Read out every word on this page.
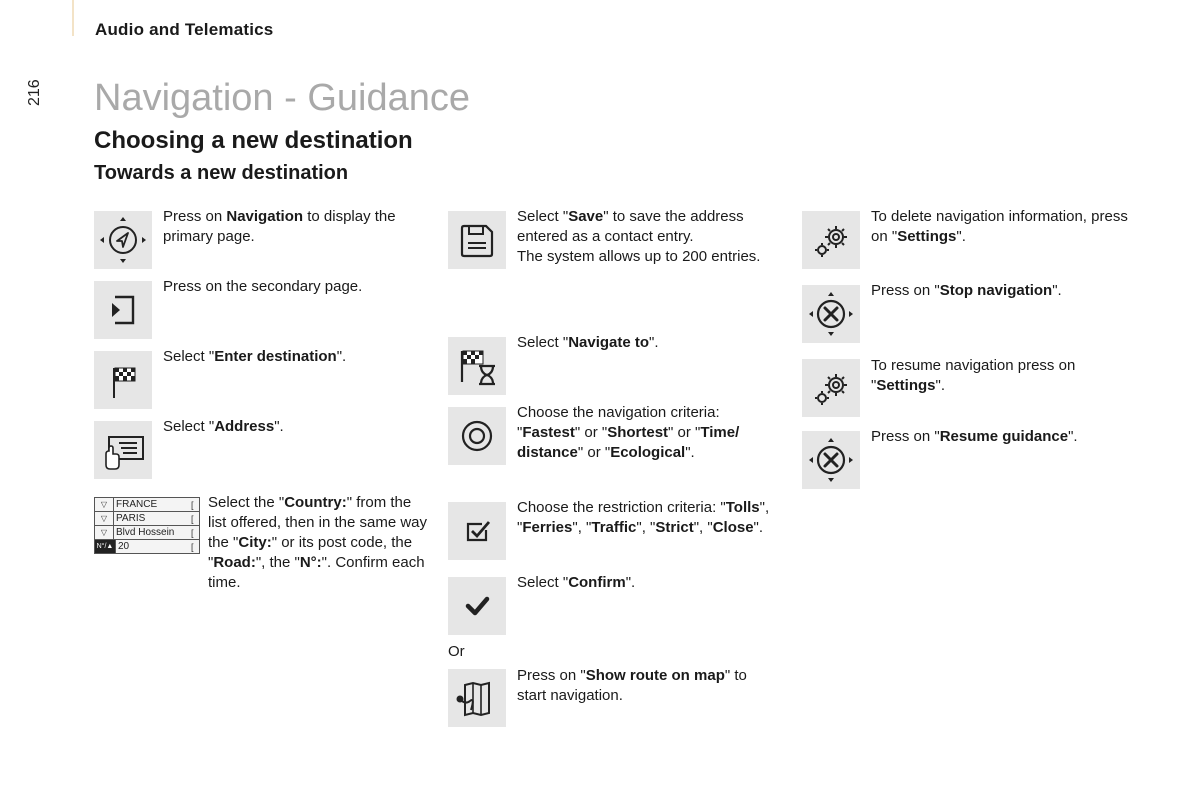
Audio and Telematics
216 Navigation - Guidance
Choosing a new destination
Towards a new destination
Press on Navigation to display the primary page.
Press on the secondary page.
Select "Enter destination".
Select "Address".
▽ FRANCE	[
▽ PARIS	[
▽ Blvd Hossein	[
N°/▲ 20	[
Select the "Country:" from the list offered, then in the same way the "City:" or its post code, the "Road:", the "N°:". Confirm each time.
Select "Save" to save the address entered as a contact entry.
The system allows up to 200 entries.
Select "Navigate to".
Choose the navigation criteria: "Fastest" or "Shortest" or "Time/ distance" or "Ecological".
Choose the restriction criteria: "Tolls", "Ferries", "Traffic", "Strict", "Close".
Select "Confirm".
Or
Press on "Show route on map" to start navigation.
To delete navigation information, press on "Settings".
Press on "Stop navigation".
To resume navigation press on "Settings".
Press on "Resume guidance".
